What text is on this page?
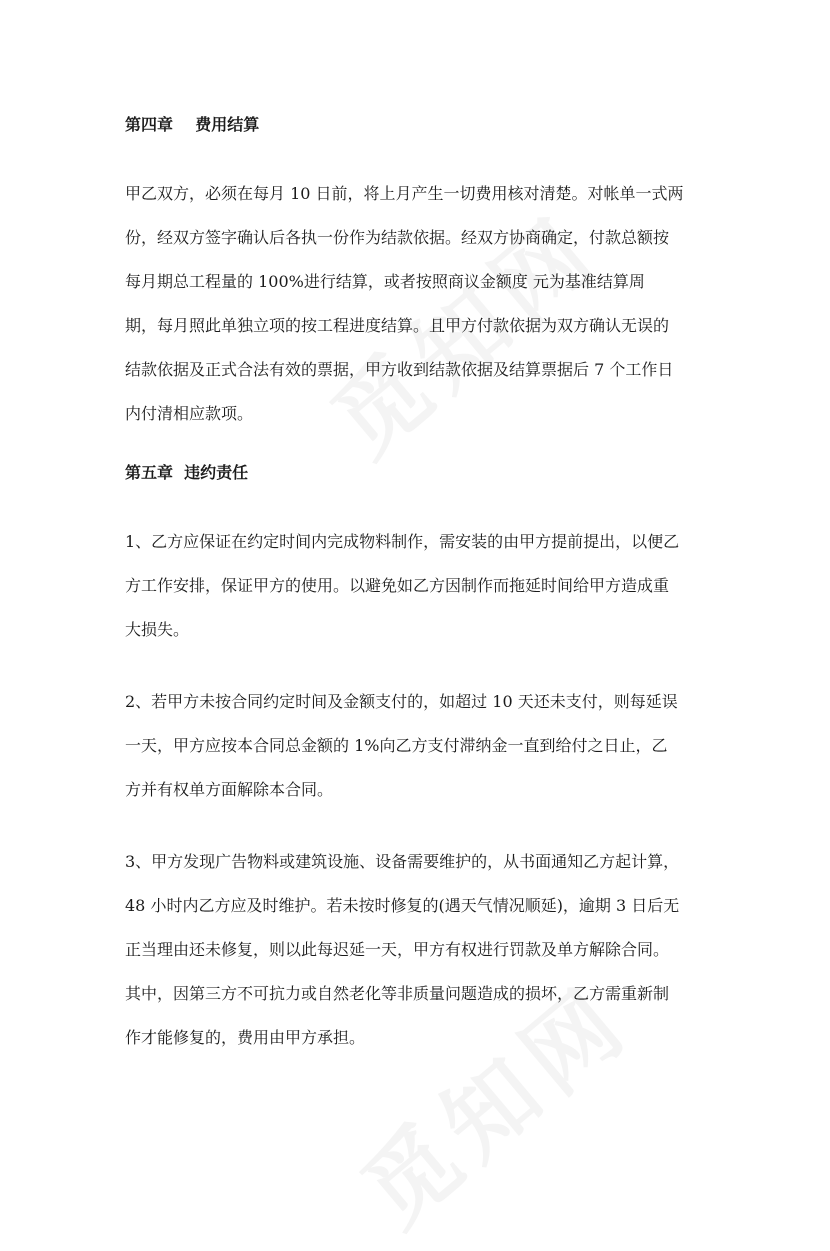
第四章    费用结算

甲乙双方，必须在每月 10 日前，将上月产生一切费用核对清楚。对帐单一式两
份，经双方签字确认后各执一份作为结款依据。经双方协商确定，付款总额按
每月期总工程量的 100%进行结算，或者按照商议金额度 元为基准结算周
期，每月照此单独立项的按工程进度结算。且甲方付款依据为双方确认无误的
结款依据及正式合法有效的票据，甲方收到结款依据及结算票据后 7 个工作日
内付清相应款项。

第五章  违约责任

1、乙方应保证在约定时间内完成物料制作，需安装的由甲方提前提出，以便乙
方工作安排，保证甲方的使用。以避免如乙方因制作而拖延时间给甲方造成重
大损失。

2、若甲方未按合同约定时间及金额支付的，如超过 10 天还未支付，则每延误
一天，甲方应按本合同总金额的 1%向乙方支付滞纳金一直到给付之日止，乙
方并有权单方面解除本合同。

3、甲方发现广告物料或建筑设施、设备需要维护的，从书面通知乙方起计算，
48 小时内乙方应及时维护。若未按时修复的(遇天气情况顺延)，逾期 3 日后无
正当理由还未修复，则以此每迟延一天，甲方有权进行罚款及单方解除合同。
其中，因第三方不可抗力或自然老化等非质量问题造成的损坏，乙方需重新制
作才能修复的，费用由甲方承担。
